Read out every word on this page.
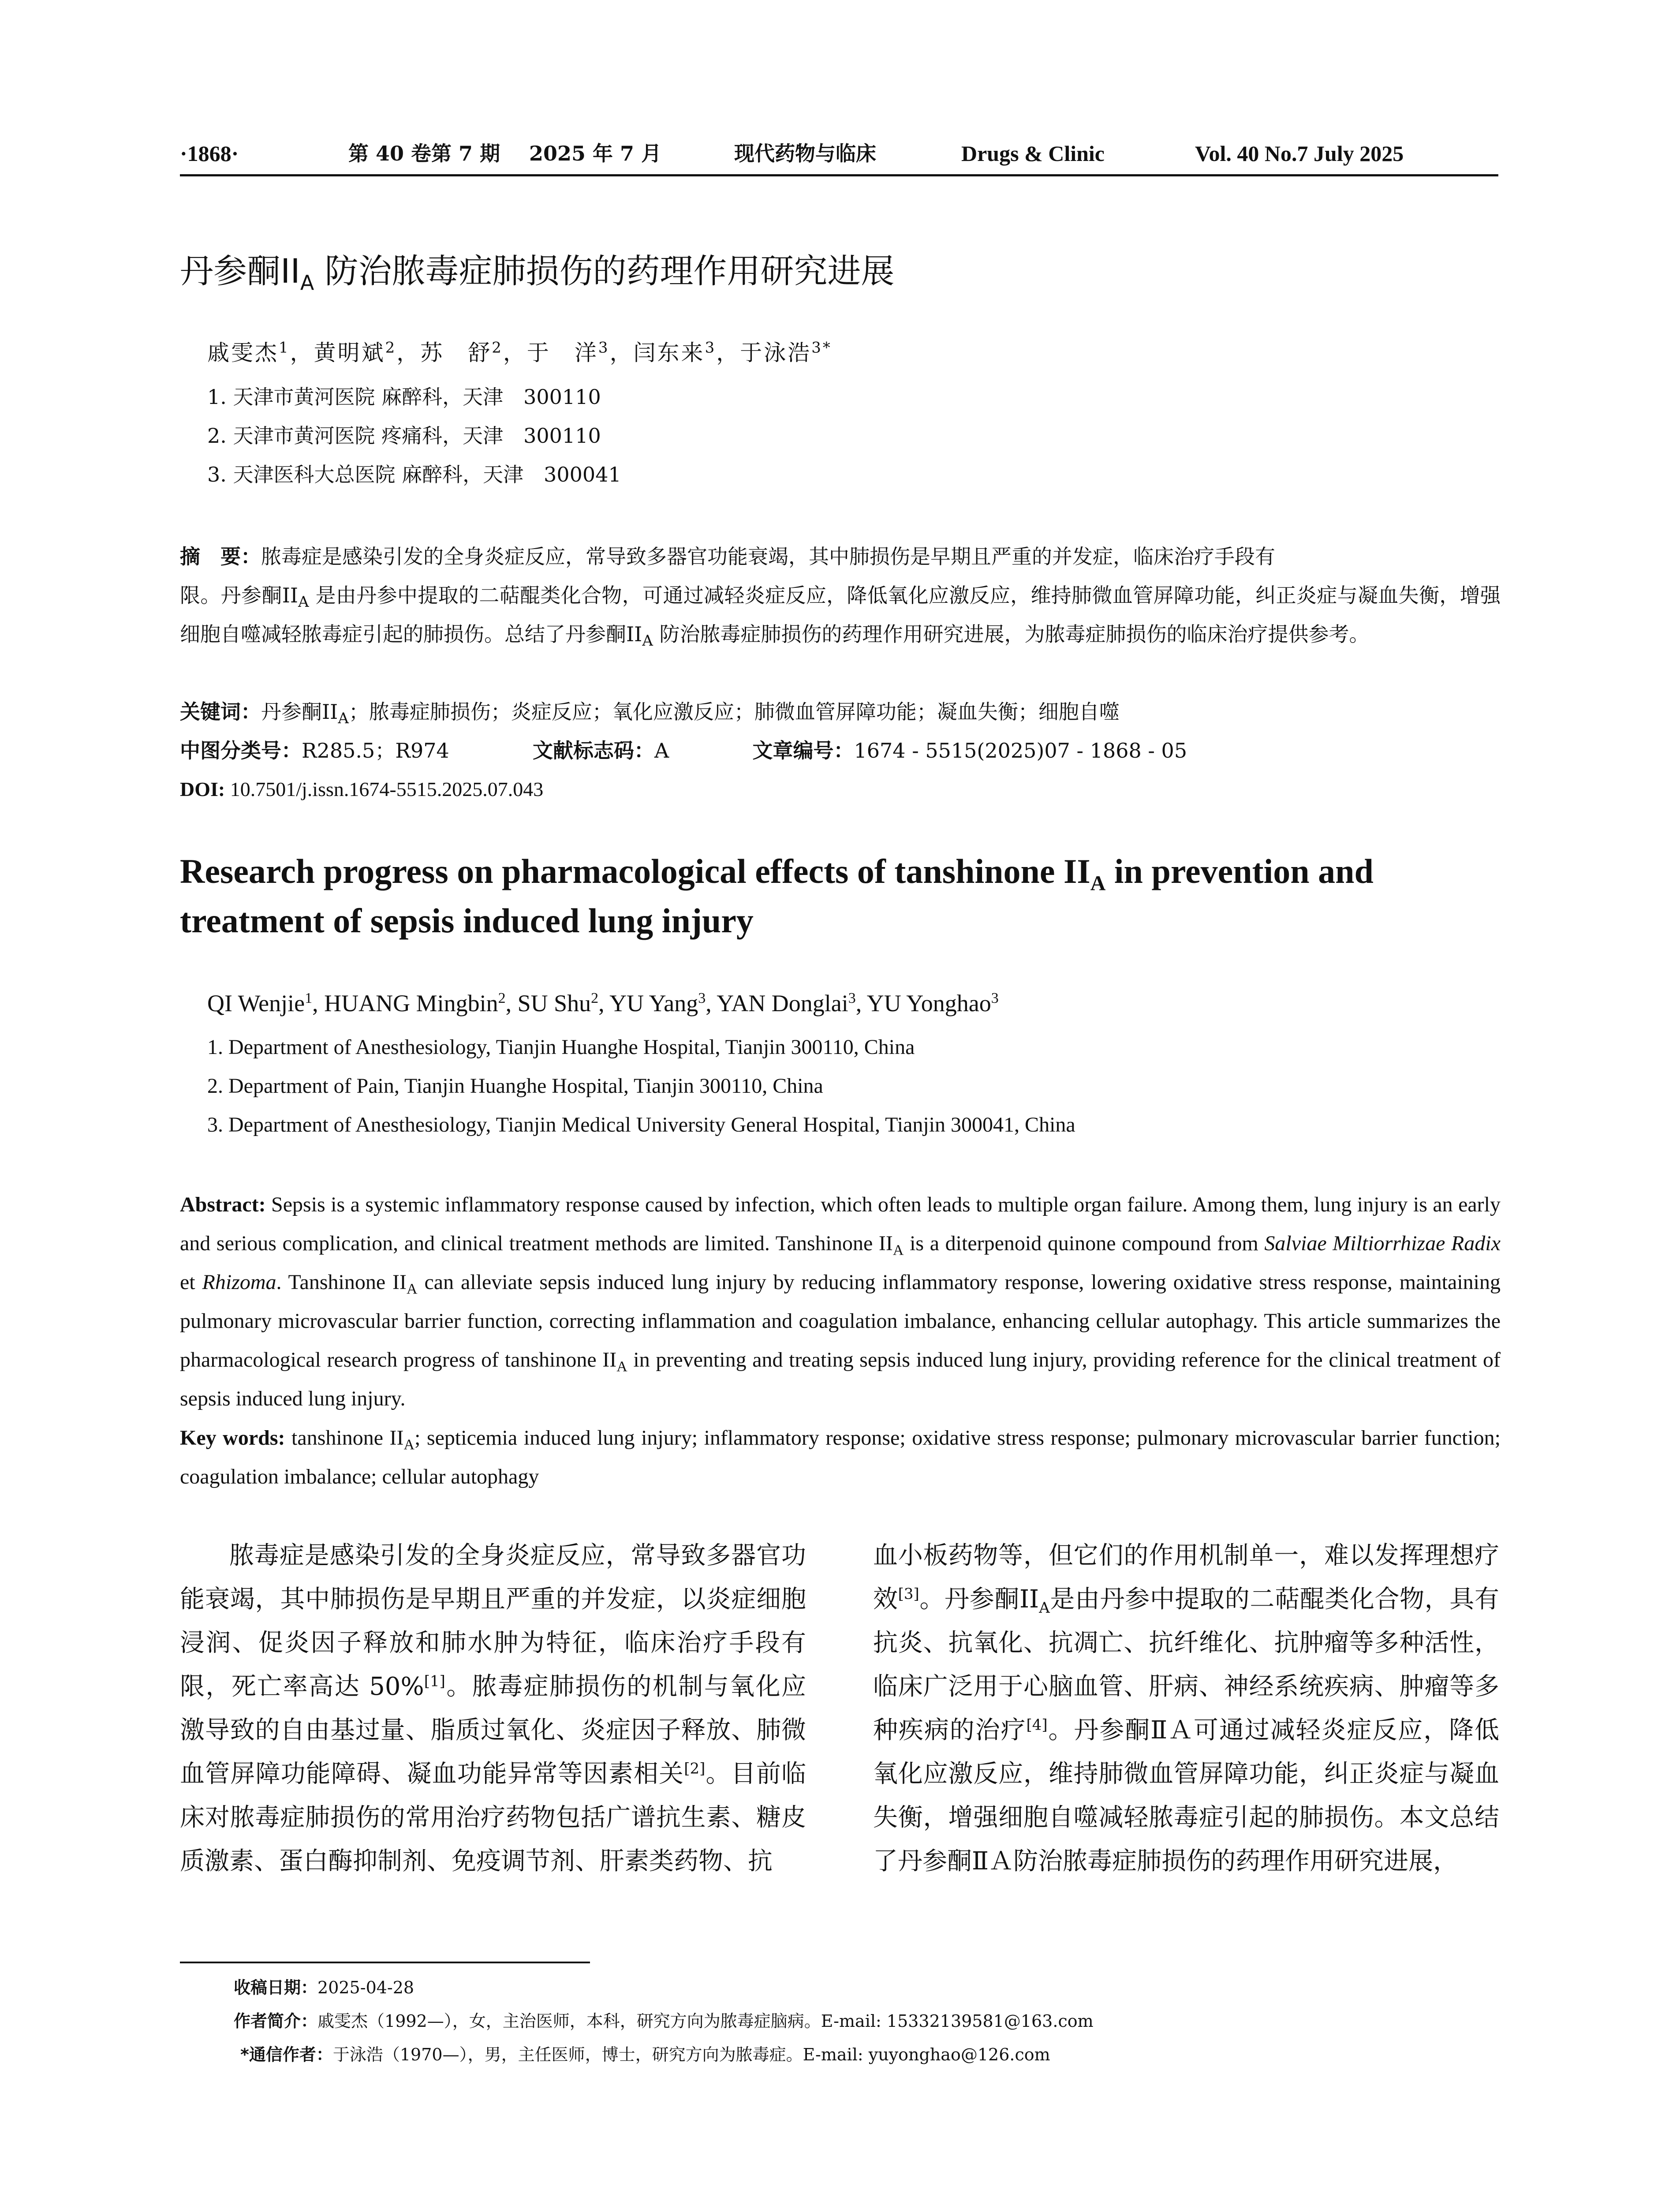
·1868·	第 40 卷第 7 期 2025 年 7 月	现代药物与临床	Drugs & Clinic	Vol. 40 No.7 July 2025
丹参酮$II_A$ 防治脓毒症肺损伤的药理作用研究进展
戚雯杰$^1$，黄明斌$^2$，苏　舒$^2$，于　洋$^3$，闫东来$^3$，于泳浩$^{3*}$
1. 天津市黄河医院 麻醉科，天津　300110
2. 天津市黄河医院 疼痛科，天津　300110
3. 天津医科大总医院 麻醉科，天津　300041
摘　要：脓毒症是感染引发的全身炎症反应，常导致多器官功能衰竭，其中肺损伤是早期且严重的并发症，临床治疗手段有
限。丹参酮$II_A$ 是由丹参中提取的二萜醌类化合物，可通过减轻炎症反应，降低氧化应激反应，维持肺微血管屏障功能，纠正炎症与凝血失衡，增强细胞自噬减轻脓毒症引起的肺损伤。总结了丹参酮$II_A$ 防治脓毒症肺损伤的药理作用研究进展，为脓毒症肺损伤的临床治疗提供参考。
关键词：丹参酮$II_A$；脓毒症肺损伤；炎症反应；氧化应激反应；肺微血管屏障功能；凝血失衡；细胞自噬
中图分类号：R285.5；R974	文献标志码：A	文章编号：1674 - 5515(2025)07 - 1868 - 05
DOI: 10.7501/j.issn.1674-5515.2025.07.043
Research progress on pharmacological effects of tanshinone $II_A$ in prevention and treatment of sepsis induced lung injury
QI Wenjie$^1$, HUANG Mingbin$^2$, SU Shu$^2$, YU Yang$^3$, YAN Donglai$^3$, YU Yonghao$^3$
1. Department of Anesthesiology, Tianjin Huanghe Hospital, Tianjin 300110, China
2. Department of Pain, Tianjin Huanghe Hospital, Tianjin 300110, China
3. Department of Anesthesiology, Tianjin Medical University General Hospital, Tianjin 300041, China
Abstract: Sepsis is a systemic inflammatory response caused by infection, which often leads to multiple organ failure. Among them, lung injury is an early and serious complication, and clinical treatment methods are limited. Tanshinone $II_A$ is a diterpenoid quinone compound from Salviae Miltiorrhizae Radix et Rhizoma. Tanshinone $II_A$ can alleviate sepsis induced lung injury by reducing inflammatory response, lowering oxidative stress response, maintaining pulmonary microvascular barrier function, correcting inflammation and coagulation imbalance, enhancing cellular autophagy. This article summarizes the pharmacological research progress of tanshinone $II_A$ in preventing and treating sepsis induced lung injury, providing reference for the clinical treatment of sepsis induced lung injury.
Key words: tanshinone $II_A$; septicemia induced lung injury; inflammatory response; oxidative stress response; pulmonary microvascular barrier function; coagulation imbalance; cellular autophagy
脓毒症是感染引发的全身炎症反应，常导致多器官功能衰竭，其中肺损伤是早期且严重的并发症，以炎症细胞浸润、促炎因子释放和肺水肿为特征，临床治疗手段有限，死亡率高达 50%[1]。脓毒症肺损伤的机制与氧化应激导致的自由基过量、脂质过氧化、炎症因子释放、肺微血管屏障功能障碍、凝血功能异常等因素相关[2]。目前临床对脓毒症肺损伤的常用治疗药物包括广谱抗生素、糖皮质激素、蛋白酶抑制剂、免疫调节剂、肝素类药物、抗
血小板药物等，但它们的作用机制单一，难以发挥理想疗效[3]。丹参酮$II_A$是由丹参中提取的二萜醌类化合物，具有抗炎、抗氧化、抗凋亡、抗纤维化、抗肿瘤等多种活性，临床广泛用于心脑血管、肝病、神经系统疾病、肿瘤等多种疾病的治疗[4]。丹参酮ⅡＡ可通过减轻炎症反应，降低氧化应激反应，维持肺微血管屏障功能，纠正炎症与凝血失衡，增强细胞自噬减轻脓毒症引起的肺损伤。本文总结了丹参酮ⅡＡ防治脓毒症肺损伤的药理作用研究进展，
收稿日期：2025-04-28
作者简介：戚雯杰（1992—），女，主治医师，本科，研究方向为脓毒症脑病。E-mail: 15332139581@163.com
*通信作者：于泳浩（1970—），男，主任医师，博士，研究方向为脓毒症。E-mail: yuyonghao@126.com
